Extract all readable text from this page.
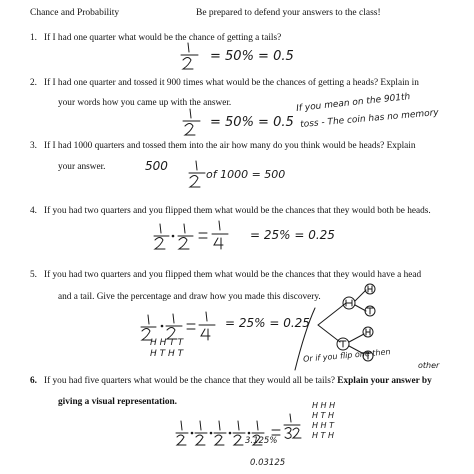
Chance and Probability	Be prepared to defend your answers to the class!
1. If I had one quarter what would be the chance of getting a tails?
= 50% = 0.5
2. If I had one quarter and tossed it 900 times what would be the chances of getting a heads? Explain in
your words how you came up with the answer.
= 50% = 0.5
If you mean on the 901th
toss - The coin has no memory
3. If I had 1000 quarters and tossed them into the air how many do you think would be heads? Explain
your answer.	500
of 1000 = 500
4. If you had two quarters and you flipped them what would be the chances that they would both be heads.
= 25% = 0.25
5. If you had two quarters and you flipped them what would be the chances that they would have a head
and a tail. Give the percentage and draw how you made this discovery.
= 25% = 0.25
H H T T
H T H T	Or if you flip one then
other
6. If you had five quarters what would be the chance that they would all be tails? Explain your answer by
giving a visual representation.
3.125%
0.03125
H H H
H T H
H H T
H T H
